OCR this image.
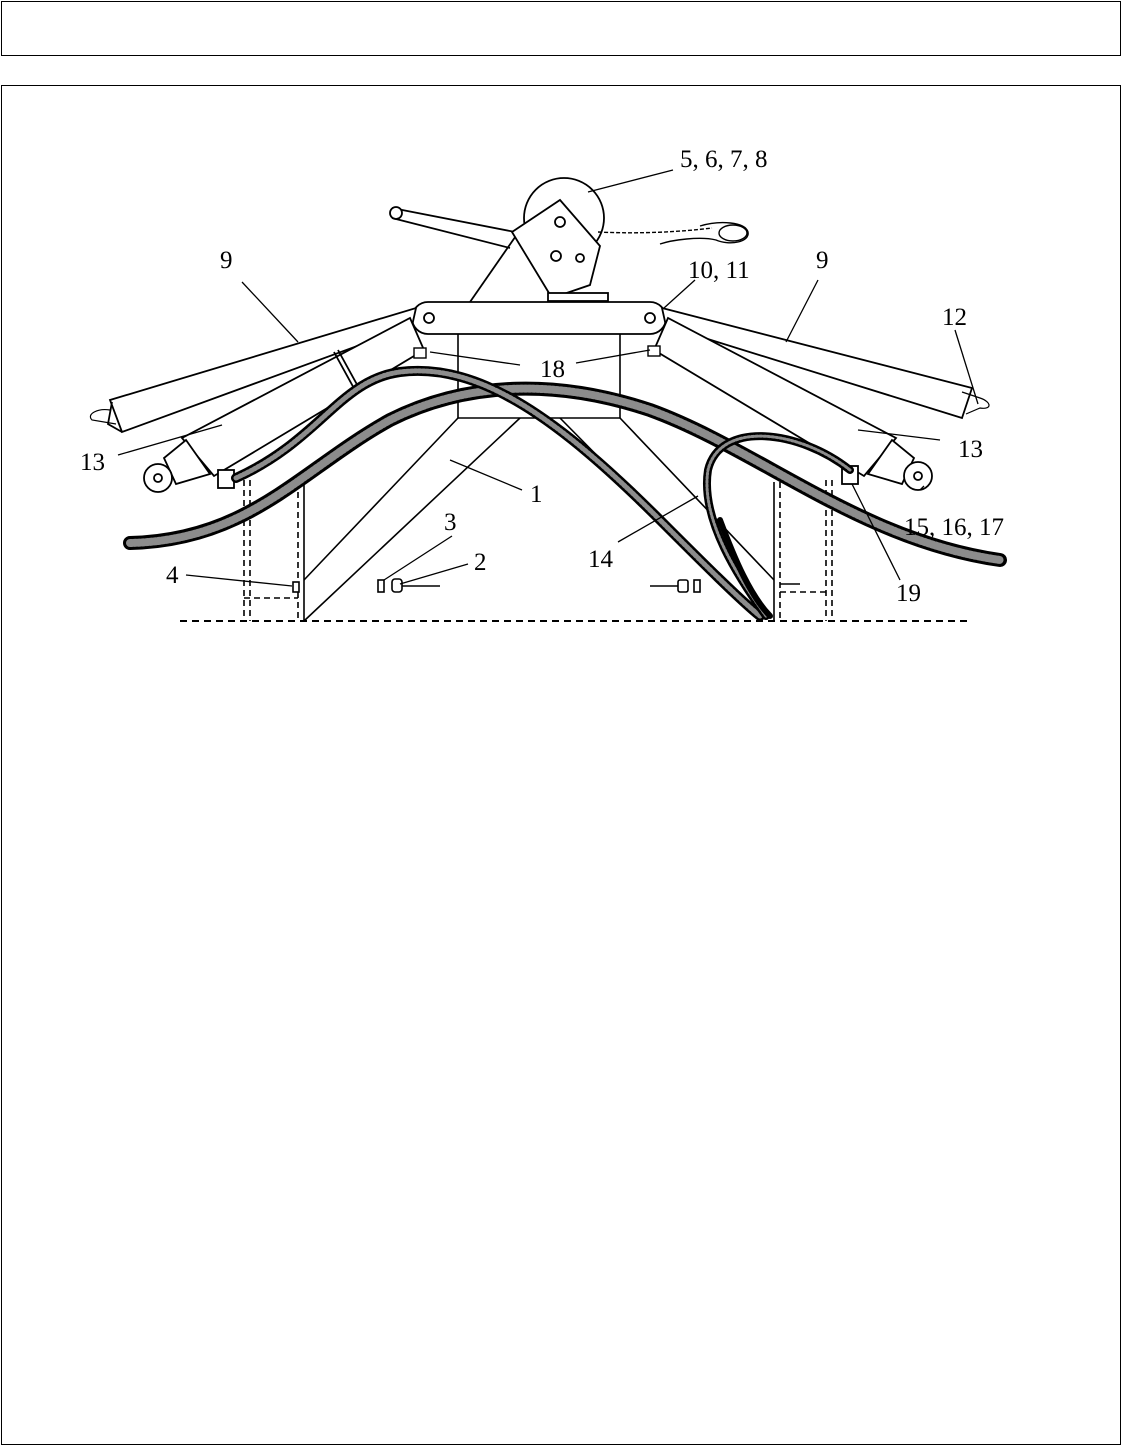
5, 6, 7, 8
9	9
10, 11
12
18
13	13
1
3
2
4
14
15, 16, 17
19
